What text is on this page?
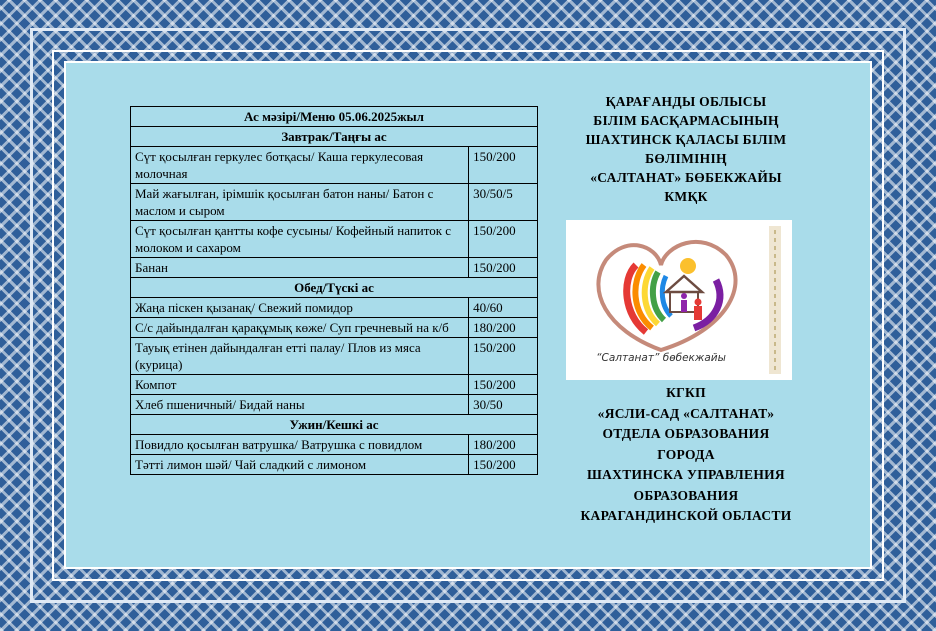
Ас мәзірі/Меню 05.06.2025жыл	
Завтрак/Таңғы ас	
Сүт қосылған геркулес ботқасы/ Каша геркулесовая молочная	150/200
Май жағылған, ірімшік қосылған батон наны/ Батон с маслом и сыром	30/50/5
Сүт қосылған қантты кофе сусыны/ Кофейный напиток с молоком и сахаром	150/200
Банан	150/200
Обед/Түскі ас	
Жаңа піскен қызанақ/ Свежий помидор	40/60
С/с дайындалған қарақұмық көже/ Суп гречневый на к/б	180/200
Тауық етінен дайындалған етті палау/ Плов из мяса (курица)	150/200
Компот	150/200
Хлеб пшеничный/ Бидай наны	30/50
Ужин/Кешкі ас	
Повидло қосылған ватрушка/ Ватрушка с повидлом	180/200
Тәтті лимон шәй/ Чай сладкий с лимоном	150/200
ҚАРАҒАНДЫ ОБЛЫСЫ
БІЛІМ БАСҚАРМАСЫНЫҢ
ШАХТИНСК ҚАЛАСЫ БІЛІМ
БӨЛІМІНІҢ
«САЛТАНАТ» БӨБЕКЖАЙЫ
КМҚК
“Салтанат” бөбекжайы
КГКП
«ЯСЛИ-САД «САЛТАНАТ»
ОТДЕЛА ОБРАЗОВАНИЯ
ГОРОДА
ШАХТИНСКА УПРАВЛЕНИЯ
ОБРАЗОВАНИЯ
КАРАГАНДИНСКОЙ ОБЛАСТИ
